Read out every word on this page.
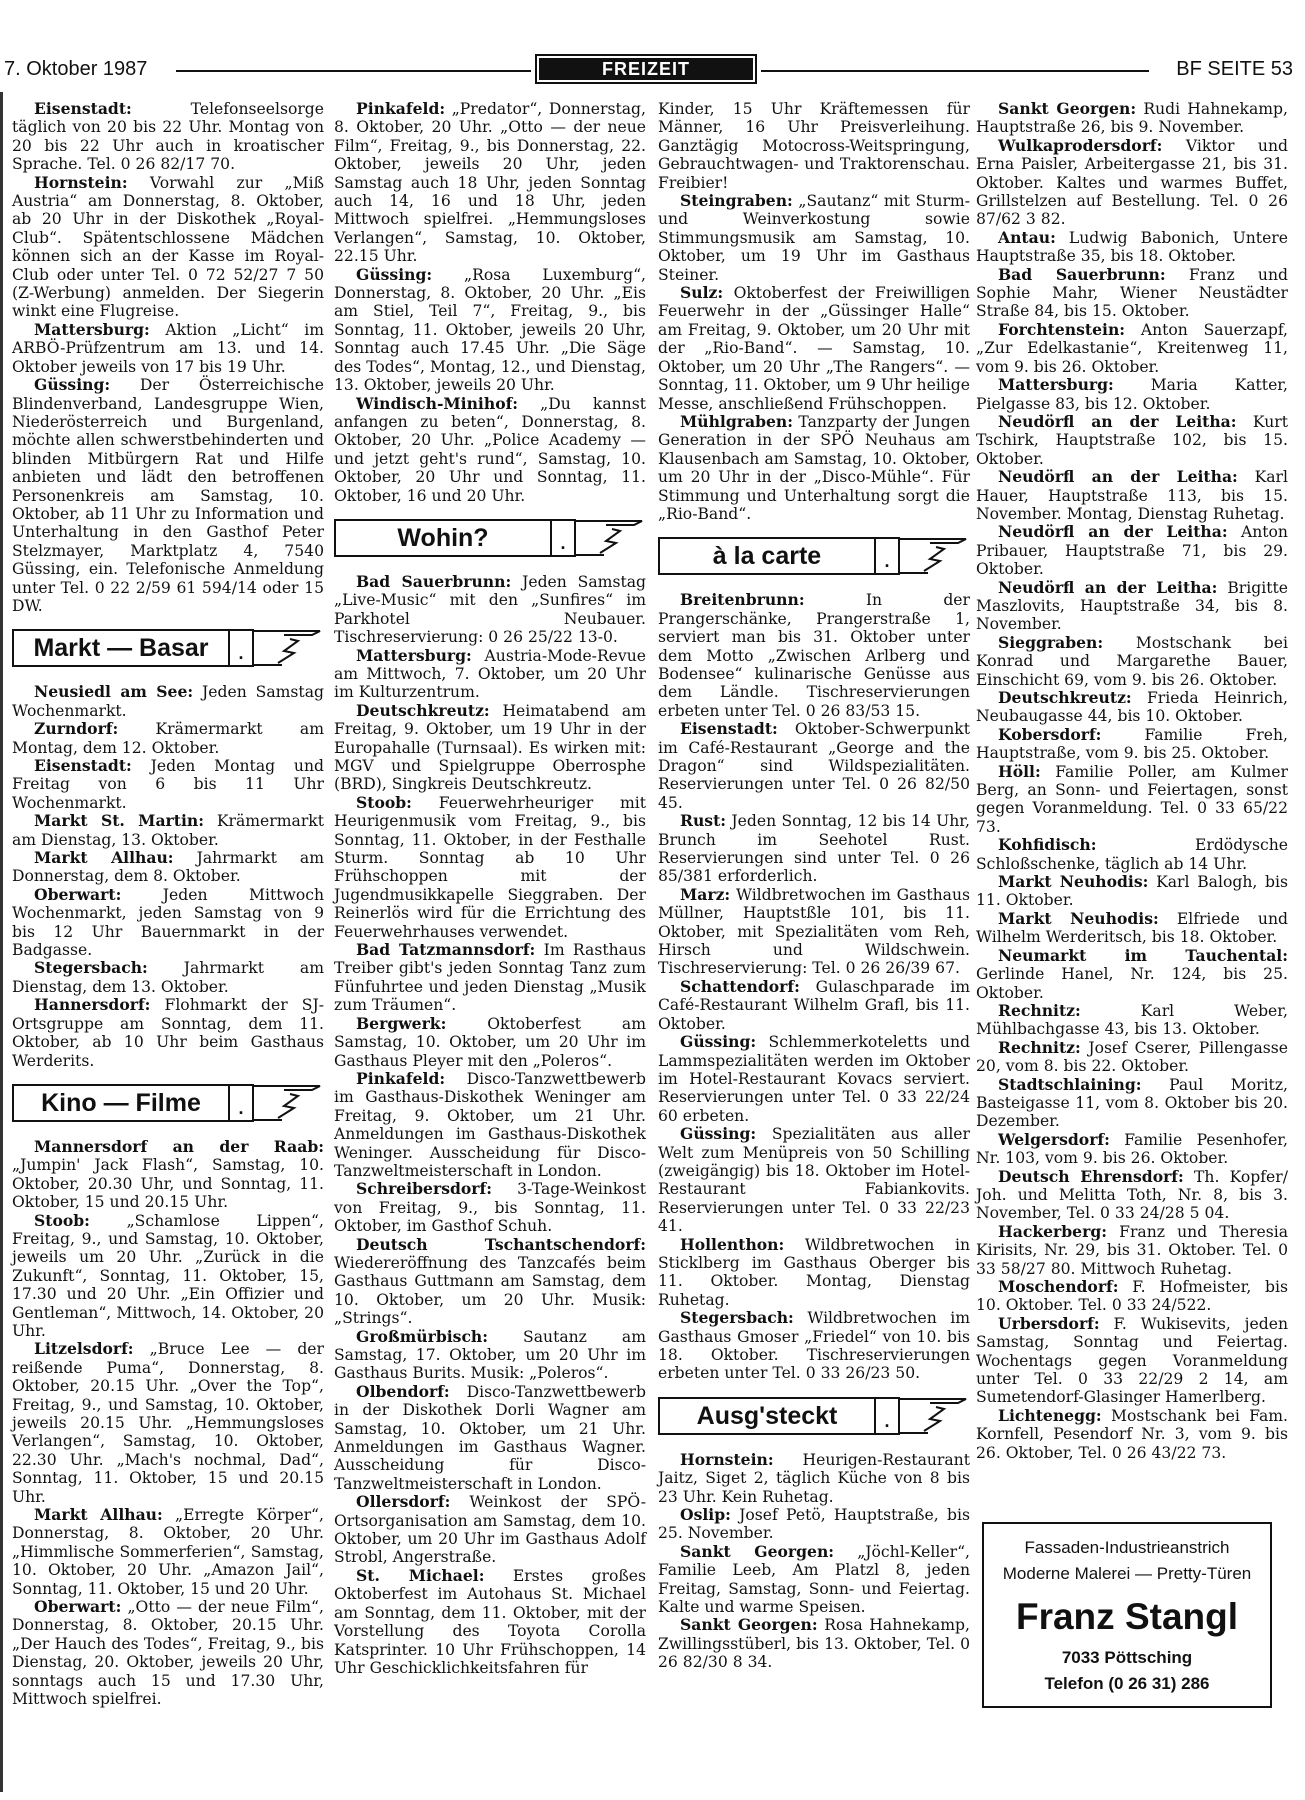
7. Oktober 1987	FREIZEIT	BF SEITE 53

Eisenstadt:	Telefonseelsorge täglich von 20 bis 22 Uhr. Montag von 20 bis 22 Uhr auch in kroatischer Sprache. Tel. 0 26 82/17 70.

Hornstein: Vorwahl zur „Miß Austria“ am Donnerstag, 8. Oktober, ab 20 Uhr in der Diskothek „Royal-Club“. Spätentschlossene Mädchen können sich an der Kasse im Royal-Club oder unter Tel. 0 72 52/27 7 50 (Z-Werbung) anmelden. Der Siegerin winkt eine Flugreise.

Mattersburg: Aktion „Licht“ im ARBÖ-Prüfzentrum am 13. und 14. Oktober jeweils von 17 bis 19 Uhr.

Güssing: Der Österreichische Blindenverband, Landesgruppe Wien, Niederösterreich und Burgenland, möchte allen schwerstbehinderten und blinden Mitbürgern Rat und Hilfe anbieten und lädt den betroffenen Personenkreis am Samstag, 10. Oktober, ab 11 Uhr zu Information und Unterhaltung in den Gasthof Peter Stelzmayer, Marktplatz 4, 7540 Güssing, ein. Telefonische Anmeldung unter Tel. 0 22 2/59 61 594/14 oder 15 DW.

Markt — Basar	.

Neusiedl am See: Jeden Samstag Wochenmarkt.

Zurndorf: Krämermarkt am Montag, dem 12. Oktober.

Eisenstadt: Jeden Montag und Freitag von 6 bis 11 Uhr Wochenmarkt.

Markt St. Martin: Krämermarkt am Dienstag, 13. Oktober.

Markt Allhau: Jahrmarkt am Donnerstag, dem 8. Oktober.

Oberwart:	Jeden Mittwoch Wochenmarkt, jeden Samstag von 9 bis 12 Uhr Bauernmarkt in der Badgasse.

Stegersbach: Jahrmarkt am Dienstag, dem 13. Oktober.

Hannersdorf: Flohmarkt der SJ-Ortsgruppe am Sonntag, dem 11. Oktober, ab 10 Uhr beim Gasthaus Werderits.

Kino — Filme	.

Mannersdorf an der Raab: „Jumpin' Jack Flash“, Samstag, 10. Oktober, 20.30 Uhr, und Sonntag, 11. Oktober, 15 und 20.15 Uhr.

Stoob: „Schamlose Lippen“, Freitag, 9., und Samstag, 10. Oktober, jeweils um 20 Uhr. „Zurück in die Zukunft“, Sonntag, 11. Oktober, 15, 17.30 und 20 Uhr. „Ein Offizier und Gentleman“, Mittwoch, 14. Oktober, 20 Uhr.

Litzelsdorf: „Bruce Lee — der reißende Puma“, Donnerstag, 8. Oktober, 20.15 Uhr. „Over the Top“, Freitag, 9., und Samstag, 10. Oktober, jeweils 20.15 Uhr. „Hemmungsloses Verlangen“, Samstag, 10. Oktober, 22.30 Uhr. „Mach's nochmal, Dad“, Sonntag, 11. Oktober, 15 und 20.15 Uhr.

Markt Allhau: „Erregte Körper“, Donnerstag, 8. Oktober, 20 Uhr. „Himmlische Sommerferien“, Samstag, 10. Oktober, 20 Uhr. „Amazon Jail“, Sonntag, 11. Oktober, 15 und 20 Uhr.

Oberwart: „Otto — der neue Film“, Donnerstag, 8. Oktober, 20.15 Uhr. „Der Hauch des Todes“, Freitag, 9., bis Dienstag, 20. Oktober, jeweils 20 Uhr, sonntags auch 15 und 17.30 Uhr, Mittwoch spielfrei.

Pinkafeld: „Predator“, Donnerstag, 8. Oktober, 20 Uhr. „Otto — der neue Film“, Freitag, 9., bis Donnerstag, 22. Oktober, jeweils 20 Uhr, jeden Samstag auch 18 Uhr, jeden Sonntag auch 14, 16 und 18 Uhr, jeden Mittwoch spielfrei. „Hemmungsloses Verlangen“, Samstag, 10. Oktober, 22.15 Uhr.

Güssing: „Rosa Luxemburg“, Donnerstag, 8. Oktober, 20 Uhr. „Eis am Stiel, Teil 7“, Freitag, 9., bis Sonntag, 11. Oktober, jeweils 20 Uhr, Sonntag auch 17.45 Uhr. „Die Säge des Todes“, Montag, 12., und Dienstag, 13. Oktober, jeweils 20 Uhr.

Windisch-Minihof: „Du kannst anfangen zu beten“, Donnerstag, 8. Oktober, 20 Uhr. „Police Academy — und jetzt geht's rund“, Samstag, 10. Oktober, 20 Uhr und Sonntag, 11. Oktober, 16 und 20 Uhr.

Wohin?	.

Bad Sauerbrunn: Jeden Samstag „Live-Music“ mit den „Sunfires“ im Parkhotel Neubauer. Tischreservierung: 0 26 25/22 13-0.

Mattersburg: Austria-Mode-Revue am Mittwoch, 7. Oktober, um 20 Uhr im Kulturzentrum.

Deutschkreutz: Heimatabend am Freitag, 9. Oktober, um 19 Uhr in der Europahalle (Turnsaal). Es wirken mit: MGV und Spielgruppe Oberrosphe (BRD), Singkreis Deutschkreutz.

Stoob: Feuerwehrheuriger mit Heurigenmusik vom Freitag, 9., bis Sonntag, 11. Oktober, in der Festhalle Sturm. Sonntag ab 10 Uhr Frühschoppen mit der Jugendmusikkapelle Sieggraben. Der Reinerlös wird für die Errichtung des Feuerwehrhauses verwendet.

Bad Tatzmannsdorf: Im Rasthaus Treiber gibt's jeden Sonntag Tanz zum Fünfuhrtee und jeden Dienstag „Musik zum Träumen“.

Bergwerk:	Oktoberfest am Samstag, 10. Oktober, um 20 Uhr im Gasthaus Pleyer mit den „Poleros“.

Pinkafeld: Disco-Tanzwettbewerb im Gasthaus-Diskothek Weninger am Freitag, 9. Oktober, um 21 Uhr. Anmeldungen im Gasthaus-Diskothek Weninger. Ausscheidung für Disco-Tanzweltmeisterschaft in London.

Schreibersdorf: 3-Tage-Weinkost von Freitag, 9., bis Sonntag, 11. Oktober, im Gasthof Schuh.

Deutsch Tschantschendorf: Wiedereröffnung des Tanzcafés beim Gasthaus Guttmann am Samstag, dem 10. Oktober, um 20 Uhr. Musik: „Strings“.

Großmürbisch: Sautanz am Samstag, 17. Oktober, um 20 Uhr im Gasthaus Burits. Musik: „Poleros“.

Olbendorf: Disco-Tanzwettbewerb in der Diskothek Dorli Wagner am Samstag, 10. Oktober, um 21 Uhr. Anmeldungen im Gasthaus Wagner. Ausscheidung für Disco-Tanzweltmeisterschaft in London.

Ollersdorf: Weinkost der SPÖ-Ortsorganisation am Samstag, dem 10. Oktober, um 20 Uhr im Gasthaus Adolf Strobl, Angerstraße.

St. Michael: Erstes großes Oktoberfest im Autohaus St. Michael am Sonntag, dem 11. Oktober, mit der Vorstellung des Toyota Corolla Katsprinter. 10 Uhr Frühschoppen, 14 Uhr Geschicklichkeitsfahren für

Kinder, 15 Uhr Kräftemessen für Männer, 16 Uhr Preisverleihung. Ganztägig Motocross-Weitspringung, Gebrauchtwagen- und Traktorenschau. Freibier!

Steingraben: „Sautanz“ mit Sturm- und Weinverkostung sowie Stimmungsmusik am Samstag, 10. Oktober, um 19 Uhr im Gasthaus Steiner.

Sulz: Oktoberfest der Freiwilligen Feuerwehr in der „Güssinger Halle“ am Freitag, 9. Oktober, um 20 Uhr mit der „Rio-Band“. — Samstag, 10. Oktober, um 20 Uhr „The Rangers“. — Sonntag, 11. Oktober, um 9 Uhr heilige Messe, anschließend Frühschoppen.

Mühlgraben: Tanzparty der Jungen Generation in der SPÖ Neuhaus am Klausenbach am Samstag, 10. Oktober, um 20 Uhr in der „Disco-Mühle“. Für Stimmung und Unterhaltung sorgt die „Rio-Band“.

à la carte	.

Breitenbrunn:	In der Prangerschänke, Prangerstraße 1, serviert man bis 31. Oktober unter dem Motto „Zwischen Arlberg und Bodensee“ kulinarische Genüsse aus dem Ländle. Tischreservierungen erbeten unter Tel. 0 26 83/53 15.

Eisenstadt: Oktober-Schwerpunkt im Café-Restaurant „George and the Dragon“ sind Wildspezialitäten. Reservierungen unter Tel. 0 26 82/50 45.

Rust: Jeden Sonntag, 12 bis 14 Uhr, Brunch im Seehotel Rust. Reservierungen sind unter Tel. 0 26 85/381 erforderlich.

Marz: Wildbretwochen im Gasthaus Müllner, Hauptstßle 101, bis 11. Oktober, mit Spezialitäten vom Reh, Hirsch und Wildschwein. Tischreservierung: Tel. 0 26 26/39 67.

Schattendorf: Gulaschparade im Café-Restaurant Wilhelm Grafl, bis 11. Oktober.

Güssing: Schlemmerkoteletts und Lammspezialitäten werden im Oktober im Hotel-Restaurant Kovacs serviert. Reservierungen unter Tel. 0 33 22/24 60 erbeten.

Güssing: Spezialitäten aus aller Welt zum Menüpreis von 50 Schilling (zweigängig) bis 18. Oktober im Hotel-Restaurant Fabiankovits. Reservierungen unter Tel. 0 33 22/23 41.

Hollenthon: Wildbretwochen in Sticklberg im Gasthaus Oberger bis 11. Oktober. Montag, Dienstag Ruhetag.

Stegersbach: Wildbretwochen im Gasthaus Gmoser „Friedel“ von 10. bis 18. Oktober. Tischreservierungen erbeten unter Tel. 0 33 26/23 50.

Ausg'steckt	.

Hornstein: Heurigen-Restaurant Jaitz, Siget 2, täglich Küche von 8 bis 23 Uhr. Kein Ruhetag.

Oslip: Josef Petö, Hauptstraße, bis 25. November.

Sankt Georgen: „Jöchl-Keller“, Familie Leeb, Am Platzl 8, jeden Freitag, Samstag, Sonn- und Feiertag. Kalte und warme Speisen.

Sankt Georgen: Rosa Hahnekamp, Zwillingsstüberl, bis 13. Oktober, Tel. 0 26 82/30 8 34.

Sankt Georgen: Rudi Hahnekamp, Hauptstraße 26, bis 9. November.

Wulkaprodersdorf: Viktor und Erna Paisler, Arbeitergasse 21, bis 31. Oktober. Kaltes und warmes Buffet, Grillstelzen auf Bestellung. Tel. 0 26 87/62 3 82.

Antau: Ludwig Babonich, Untere Hauptstraße 35, bis 18. Oktober.

Bad Sauerbrunn: Franz und Sophie Mahr, Wiener Neustädter Straße 84, bis 15. Oktober.

Forchtenstein: Anton Sauerzapf, „Zur Edelkastanie“, Kreitenweg 11, vom 9. bis 26. Oktober.

Mattersburg: Maria Katter, Pielgasse 83, bis 12. Oktober.

Neudörfl an der Leitha: Kurt Tschirk, Hauptstraße 102, bis 15. Oktober.

Neudörfl an der Leitha: Karl Hauer, Hauptstraße 113, bis 15. November. Montag, Dienstag Ruhetag.

Neudörfl an der Leitha: Anton Pribauer, Hauptstraße 71, bis 29. Oktober.

Neudörfl an der Leitha: Brigitte Maszlovits, Hauptstraße 34, bis 8. November.

Sieggraben: Mostschank bei Konrad und Margarethe Bauer, Einschicht 69, vom 9. bis 26. Oktober.

Deutschkreutz: Frieda Heinrich, Neubaugasse 44, bis 10. Oktober.

Kobersdorf:	Familie Freh, Hauptstraße, vom 9. bis 25. Oktober.

Höll: Familie Poller, am Kulmer Berg, an Sonn- und Feiertagen, sonst gegen Voranmeldung. Tel. 0 33 65/22 73.

Kohfidisch:	Erdödysche Schloßschenke, täglich ab 14 Uhr.

Markt Neuhodis: Karl Balogh, bis 11. Oktober.

Markt Neuhodis: Elfriede und Wilhelm Werderitsch, bis 18. Oktober.

Neumarkt im Tauchental: Gerlinde Hanel, Nr. 124, bis 25. Oktober.

Rechnitz:	Karl Weber, Mühlbachgasse 43, bis 13. Oktober.

Rechnitz: Josef Cserer, Pillengasse 20, vom 8. bis 22. Oktober.

Stadtschlaining: Paul Moritz, Basteigasse 11, vom 8. Oktober bis 20. Dezember.

Welgersdorf: Familie Pesenhofer, Nr. 103, vom 9. bis 26. Oktober.

Deutsch Ehrensdorf: Th. Kopfer/ Joh. und Melitta Toth, Nr. 8, bis 3. November, Tel. 0 33 24/28 5 04.

Hackerberg: Franz und Theresia Kirisits, Nr. 29, bis 31. Oktober. Tel. 0 33 58/27 80. Mittwoch Ruhetag.

Moschendorf: F. Hofmeister, bis 10. Oktober. Tel. 0 33 24/522.

Urbersdorf: F. Wukisevits, jeden Samstag, Sonntag und Feiertag. Wochentags gegen Voranmeldung unter Tel. 0 33 22/29 2 14, am Sumetendorf-Glasinger Hamerlberg.

Lichtenegg: Mostschank bei Fam. Kornfell, Pesendorf Nr. 3, vom 9. bis 26. Oktober, Tel. 0 26 43/22 73.

Fassaden-Industrieanstrich
Moderne Malerei — Pretty-Türen
Franz Stangl
7033 Pöttsching
Telefon (0 26 31) 286
